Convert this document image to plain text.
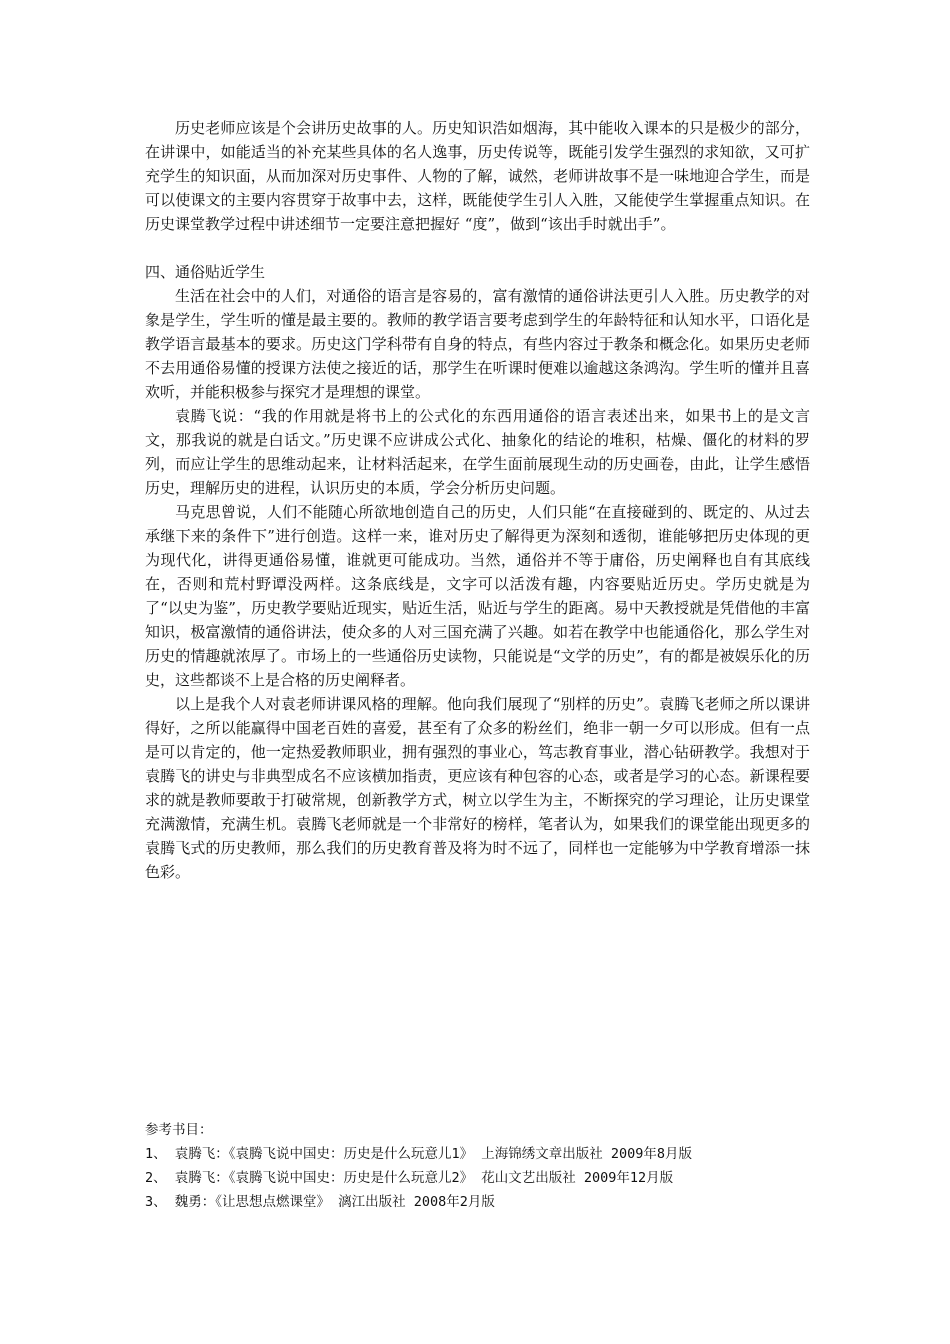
历史老师应该是个会讲历史故事的人。历史知识浩如烟海，其中能收入课本的只是极少的部分，在讲课中，如能适当的补充某些具体的名人逸事，历史传说等，既能引发学生强烈的求知欲，又可扩充学生的知识面，从而加深对历史事件、人物的了解，诚然，老师讲故事不是一味地迎合学生，而是可以使课文的主要内容贯穿于故事中去，这样，既能使学生引人入胜，又能使学生掌握重点知识。在历史课堂教学过程中讲述细节一定要注意把握好 “度”，做到“该出手时就出手”。

四、通俗贴近学生

生活在社会中的人们，对通俗的语言是容易的，富有激情的通俗讲法更引人入胜。历史教学的对象是学生，学生听的懂是最主要的。教师的教学语言要考虑到学生的年龄特征和认知水平，口语化是教学语言最基本的要求。历史这门学科带有自身的特点，有些内容过于教条和概念化。如果历史老师不去用通俗易懂的授课方法使之接近的话，那学生在听课时便难以逾越这条鸿沟。学生听的懂并且喜欢听，并能积极参与探究才是理想的课堂。

袁腾飞说：“我的作用就是将书上的公式化的东西用通俗的语言表述出来，如果书上的是文言文，那我说的就是白话文。”历史课不应讲成公式化、抽象化的结论的堆积，枯燥、僵化的材料的罗列，而应让学生的思维动起来，让材料活起来，在学生面前展现生动的历史画卷，由此，让学生感悟历史，理解历史的进程，认识历史的本质，学会分析历史问题。

马克思曾说，人们不能随心所欲地创造自己的历史，人们只能“在直接碰到的、既定的、从过去承继下来的条件下”进行创造。这样一来，谁对历史了解得更为深刻和透彻，谁能够把历史体现的更为现代化，讲得更通俗易懂，谁就更可能成功。当然，通俗并不等于庸俗，历史阐释也自有其底线在，否则和荒村野谭没两样。这条底线是，文字可以活泼有趣，内容要贴近历史。学历史就是为了“以史为鉴”，历史教学要贴近现实，贴近生活，贴近与学生的距离。易中天教授就是凭借他的丰富知识，极富激情的通俗讲法，使众多的人对三国充满了兴趣。如若在教学中也能通俗化，那么学生对历史的情趣就浓厚了。市场上的一些通俗历史读物，只能说是“文学的历史”，有的都是被娱乐化的历史，这些都谈不上是合格的历史阐释者。

以上是我个人对袁老师讲课风格的理解。他向我们展现了“别样的历史”。袁腾飞老师之所以课讲得好，之所以能赢得中国老百姓的喜爱，甚至有了众多的粉丝们，绝非一朝一夕可以形成。但有一点是可以肯定的，他一定热爱教师职业，拥有强烈的事业心，笃志教育事业，潜心钻研教学。我想对于袁腾飞的讲史与非典型成名不应该横加指责，更应该有种包容的心态，或者是学习的心态。新课程要求的就是教师要敢于打破常规，创新教学方式，树立以学生为主，不断探究的学习理论，让历史课堂充满激情，充满生机。袁腾飞老师就是一个非常好的榜样，笔者认为，如果我们的课堂能出现更多的袁腾飞式的历史教师，那么我们的历史教育普及将为时不远了，同样也一定能够为中学教育增添一抹色彩。

参考书目：

1、 袁腾飞：《袁腾飞说中国史：历史是什么玩意儿1》 上海锦绣文章出版社 2009年8月版

2、 袁腾飞：《袁腾飞说中国史：历史是什么玩意儿2》 花山文艺出版社 2009年12月版

3、 魏勇：《让思想点燃课堂》 漓江出版社 2008年2月版
